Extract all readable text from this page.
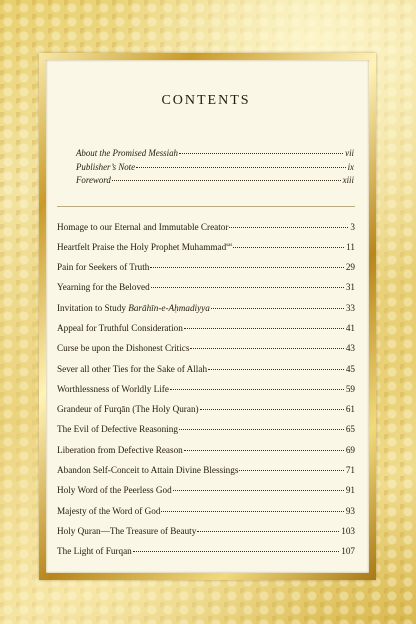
CONTENTS
About the Promised Messiah	vii
Publisher’s Note	ix
Foreword	xiii
Homage to our Eternal and Immutable Creator	3
Heartfelt Praise the Holy Prophet Muhammad$^{sas}$	11
Pain for Seekers of Truth	29
Yearning for the Beloved	31
Invitation to Study Barāhīn-e-Aḥmadiyya	33
Appeal for Truthful Consideration	41
Curse be upon the Dishonest Critics	43
Sever all other Ties for the Sake of Allah	45
Worthlessness of Worldly Life	59
Grandeur of Furqān (The Holy Quran)	61
The Evil of Defective Reasoning	65
Liberation from Defective Reason	69
Abandon Self-Conceit to Attain Divine Blessings	71
Holy Word of the Peerless God	91
Majesty of the Word of God	93
Holy Quran—The Treasure of Beauty	103
The Light of Furqan	107
